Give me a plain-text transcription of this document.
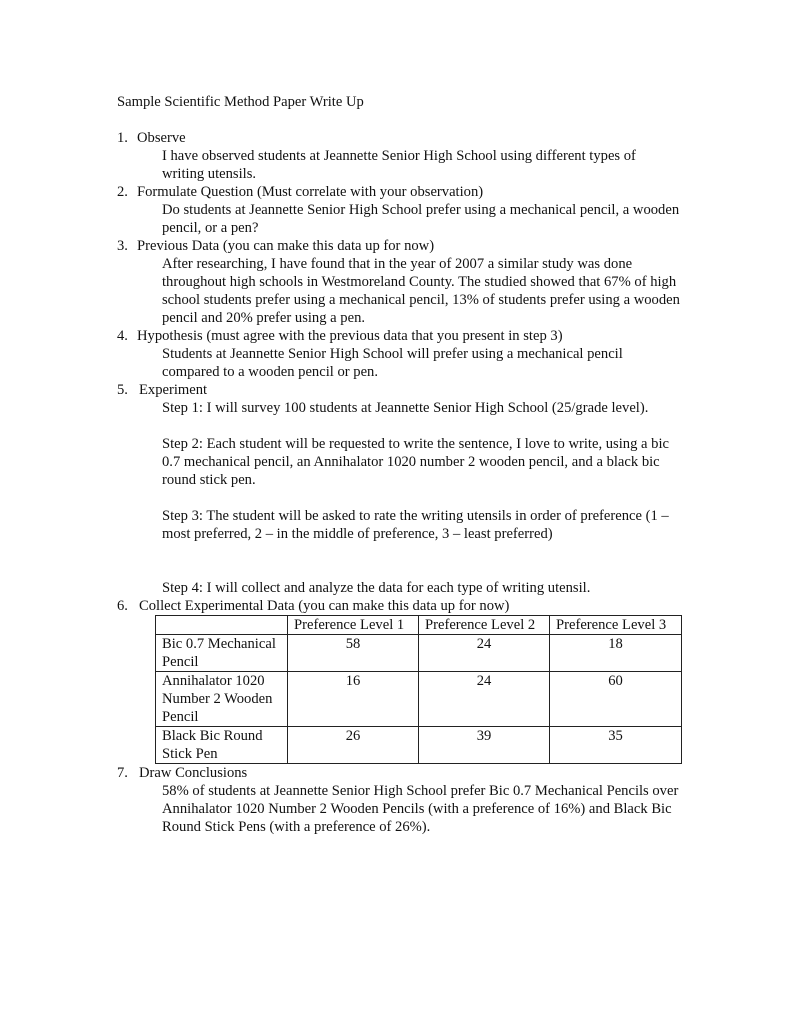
Sample Scientific Method Paper Write Up
1. Observe
I have observed students at Jeannette Senior High School using different types of writing utensils.
2. Formulate Question (Must correlate with your observation)
Do students at Jeannette Senior High School prefer using a mechanical pencil, a wooden pencil, or a pen?
3. Previous Data (you can make this data up for now)
After researching, I have found that in the year of 2007 a similar study was done throughout high schools in Westmoreland County. The studied showed that 67% of high school students prefer using a mechanical pencil, 13% of students prefer using a wooden pencil and 20% prefer using a pen.
4. Hypothesis (must agree with the previous data that you present in step 3)
Students at Jeannette Senior High School will prefer using a mechanical pencil compared to a wooden pencil or pen.
5. Experiment
Step 1: I will survey 100 students at Jeannette Senior High School (25/grade level).
Step 2: Each student will be requested to write the sentence, I love to write, using a bic 0.7 mechanical pencil, an Annihalator 1020 number 2 wooden pencil, and a black bic round stick pen.
Step 3: The student will be asked to rate the writing utensils in order of preference (1 – most preferred, 2 – in the middle of preference, 3 – least preferred)
Step 4: I will collect and analyze the data for each type of writing utensil.
6. Collect Experimental Data (you can make this data up for now)
	Preference Level 1	Preference Level 2	Preference Level 3
Bic 0.7 Mechanical Pencil	58	24	18
Annihalator 1020 Number 2 Wooden Pencil	16	24	60
Black Bic Round Stick Pen	26	39	35
7. Draw Conclusions
58% of students at Jeannette Senior High School prefer Bic 0.7 Mechanical Pencils over Annihalator 1020 Number 2 Wooden Pencils (with a preference of 16%) and Black Bic Round Stick Pens (with a preference of 26%).
